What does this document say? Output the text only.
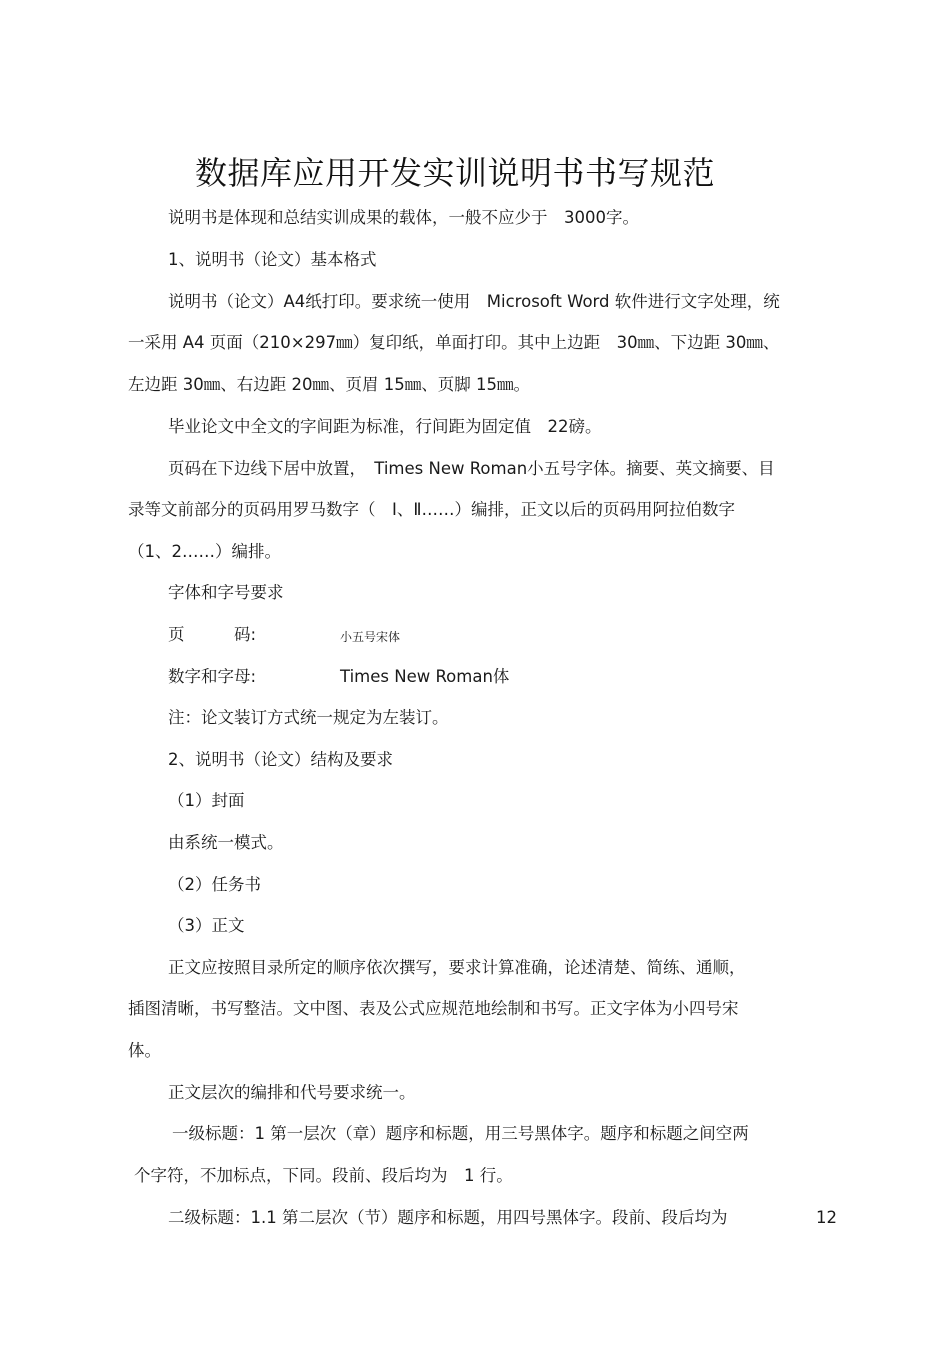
数据库应用开发实训说明书书写规范
说明书是体现和总结实训成果的载体，一般不应少于　3000字。
1、说明书（论文）基本格式
说明书（论文）A4纸打印。要求统一使用　Microsoft Word 软件进行文字处理，统
一采用 A4 页面（210×297㎜）复印纸，单面打印。其中上边距　30㎜、下边距 30㎜、
左边距 30㎜、右边距 20㎜、页眉 15㎜、页脚 15㎜。
毕业论文中全文的字间距为标准，行间距为固定值　22磅。
页码在下边线下居中放置，　Times New Roman小五号字体。摘要、英文摘要、目
录等文前部分的页码用罗马数字（　Ⅰ、Ⅱ……）编排，正文以后的页码用阿拉伯数字
（1、2……）编排。
字体和字号要求
页　　　码:	小五号宋体
数字和字母:	Times New Roman体
注：论文装订方式统一规定为左装订。
2、说明书（论文）结构及要求
（1）封面
由系统一模式。
（2）任务书
（3）正文
正文应按照目录所定的顺序依次撰写，要求计算准确，论述清楚、简练、通顺，
插图清晰，书写整洁。文中图、表及公式应规范地绘制和书写。正文字体为小四号宋
体。
正文层次的编排和代号要求统一。
一级标题：1 第一层次（章）题序和标题，用三号黑体字。题序和标题之间空两
个字符，不加标点，下同。段前、段后均为　1 行。
二级标题：1.1 第二层次（节）题序和标题，用四号黑体字。段前、段后均为	12
